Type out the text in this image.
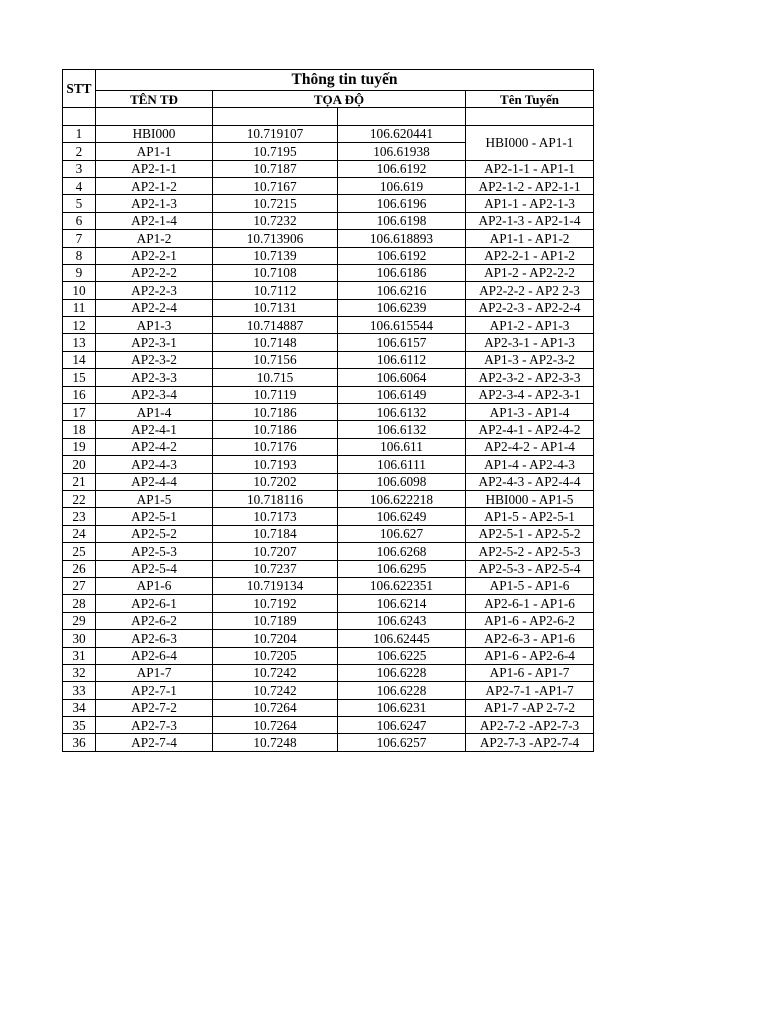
STT	Thông tin tuyến			
	TÊN TĐ	TỌA ĐỘ		Tên Tuyến

1	HBI000	10.719107	106.620441	HBI000 - AP1-1
2	AP1-1	10.7195	106.61938	
3	AP2-1-1	10.7187	106.6192	AP2-1-1 - AP1-1
4	AP2-1-2	10.7167	106.619	AP2-1-2 - AP2-1-1
5	AP2-1-3	10.7215	106.6196	AP1-1 - AP2-1-3
6	AP2-1-4	10.7232	106.6198	AP2-1-3 - AP2-1-4
7	AP1-2	10.713906	106.618893	AP1-1 - AP1-2
8	AP2-2-1	10.7139	106.6192	AP2-2-1 - AP1-2
9	AP2-2-2	10.7108	106.6186	AP1-2 - AP2-2-2
10	AP2-2-3	10.7112	106.6216	AP2-2-2 - AP2 2-3
11	AP2-2-4	10.7131	106.6239	AP2-2-3 - AP2-2-4
12	AP1-3	10.714887	106.615544	AP1-2 - AP1-3
13	AP2-3-1	10.7148	106.6157	AP2-3-1 - AP1-3
14	AP2-3-2	10.7156	106.6112	AP1-3 - AP2-3-2
15	AP2-3-3	10.715	106.6064	AP2-3-2 - AP2-3-3
16	AP2-3-4	10.7119	106.6149	AP2-3-4 - AP2-3-1
17	AP1-4	10.7186	106.6132	AP1-3 - AP1-4
18	AP2-4-1	10.7186	106.6132	AP2-4-1 - AP2-4-2
19	AP2-4-2	10.7176	106.611	AP2-4-2 - AP1-4
20	AP2-4-3	10.7193	106.6111	AP1-4 - AP2-4-3
21	AP2-4-4	10.7202	106.6098	AP2-4-3 - AP2-4-4
22	AP1-5	10.718116	106.622218	HBI000 - AP1-5
23	AP2-5-1	10.7173	106.6249	AP1-5 - AP2-5-1
24	AP2-5-2	10.7184	106.627	AP2-5-1 - AP2-5-2
25	AP2-5-3	10.7207	106.6268	AP2-5-2 - AP2-5-3
26	AP2-5-4	10.7237	106.6295	AP2-5-3 - AP2-5-4
27	AP1-6	10.719134	106.622351	AP1-5 - AP1-6
28	AP2-6-1	10.7192	106.6214	AP2-6-1 - AP1-6
29	AP2-6-2	10.7189	106.6243	AP1-6 - AP2-6-2
30	AP2-6-3	10.7204	106.62445	AP2-6-3 - AP1-6
31	AP2-6-4	10.7205	106.6225	AP1-6 - AP2-6-4
32	AP1-7	10.7242	106.6228	AP1-6 - AP1-7
33	AP2-7-1	10.7242	106.6228	AP2-7-1 -AP1-7
34	AP2-7-2	10.7264	106.6231	AP1-7 -AP 2-7-2
35	AP2-7-3	10.7264	106.6247	AP2-7-2 -AP2-7-3
36	AP2-7-4	10.7248	106.6257	AP2-7-3 -AP2-7-4
